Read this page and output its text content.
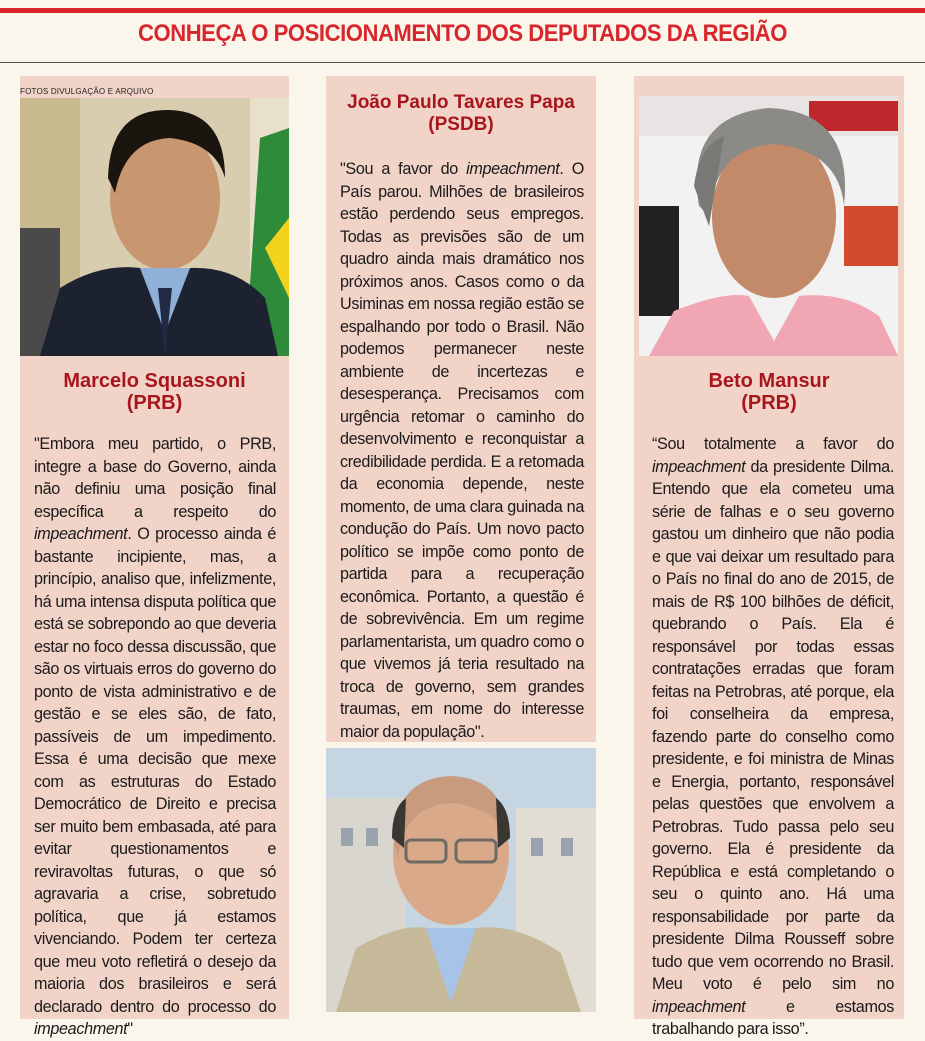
CONHEÇA O POSICIONAMENTO DOS DEPUTADOS DA REGIÃO
FOTOS DIVULGAÇÃO E ARQUIVO
Marcelo Squassoni
(PRB)
João Paulo Tavares Papa
(PSDB)
Beto Mansur
(PRB)
"Embora meu partido, o PRB, integre a base do Governo, ainda não definiu uma posição final específica a respeito do impeachment. O processo ainda é bastante incipiente, mas, a princípio, analiso que, infelizmente, há uma intensa disputa política que está se sobrepondo ao que deveria estar no foco dessa discussão, que são os virtuais erros do governo do ponto de vista administrativo e de gestão e se eles são, de fato, passíveis de um impedimento. Essa é uma decisão que mexe com as estruturas do Estado Democrático de Direito e precisa ser muito bem embasada, até para evitar questionamentos e reviravoltas futuras, o que só agravaria a crise, sobretudo política, que já estamos vivenciando. Podem ter certeza que meu voto refletirá o desejo da maioria dos brasileiros e será declarado dentro do processo do impeachment"
"Sou a favor do impeachment. O País parou. Milhões de brasileiros estão perdendo seus empregos. Todas as previsões são de um quadro ainda mais dramático nos próximos anos. Casos como o da Usiminas em nossa região estão se espalhando por todo o Brasil. Não podemos permanecer neste ambiente de incertezas e desesperança. Precisamos com urgência retomar o caminho do desenvolvimento e reconquistar a credibilidade perdida. E a retomada da economia depende, neste momento, de uma clara guinada na condução do País. Um novo pacto político se impõe como ponto de partida para a recuperação econômica. Portanto, a questão é de sobrevivência. Em um regime parlamentarista, um quadro como o que vivemos já teria resultado na troca de governo, sem grandes traumas, em nome do interesse maior da população".
“Sou totalmente a favor do impeachment da presidente Dilma. Entendo que ela cometeu uma série de falhas e o seu governo gastou um dinheiro que não podia e que vai deixar um resultado para o País no final do ano de 2015, de mais de R$ 100 bilhões de déficit, quebrando o País. Ela é responsável por todas essas contratações erradas que foram feitas na Petrobras, até porque, ela foi conselheira da empresa, fazendo parte do conselho como presidente, e foi ministra de Minas e Energia, portanto, responsável pelas questões que envolvem a Petrobras. Tudo passa pelo seu governo. Ela é presidente da República e está completando o seu o quinto ano. Há uma responsabilidade por parte da presidente Dilma Rousseff sobre tudo que vem ocorrendo no Brasil. Meu voto é pelo sim no impeachment e estamos trabalhando para isso”.
